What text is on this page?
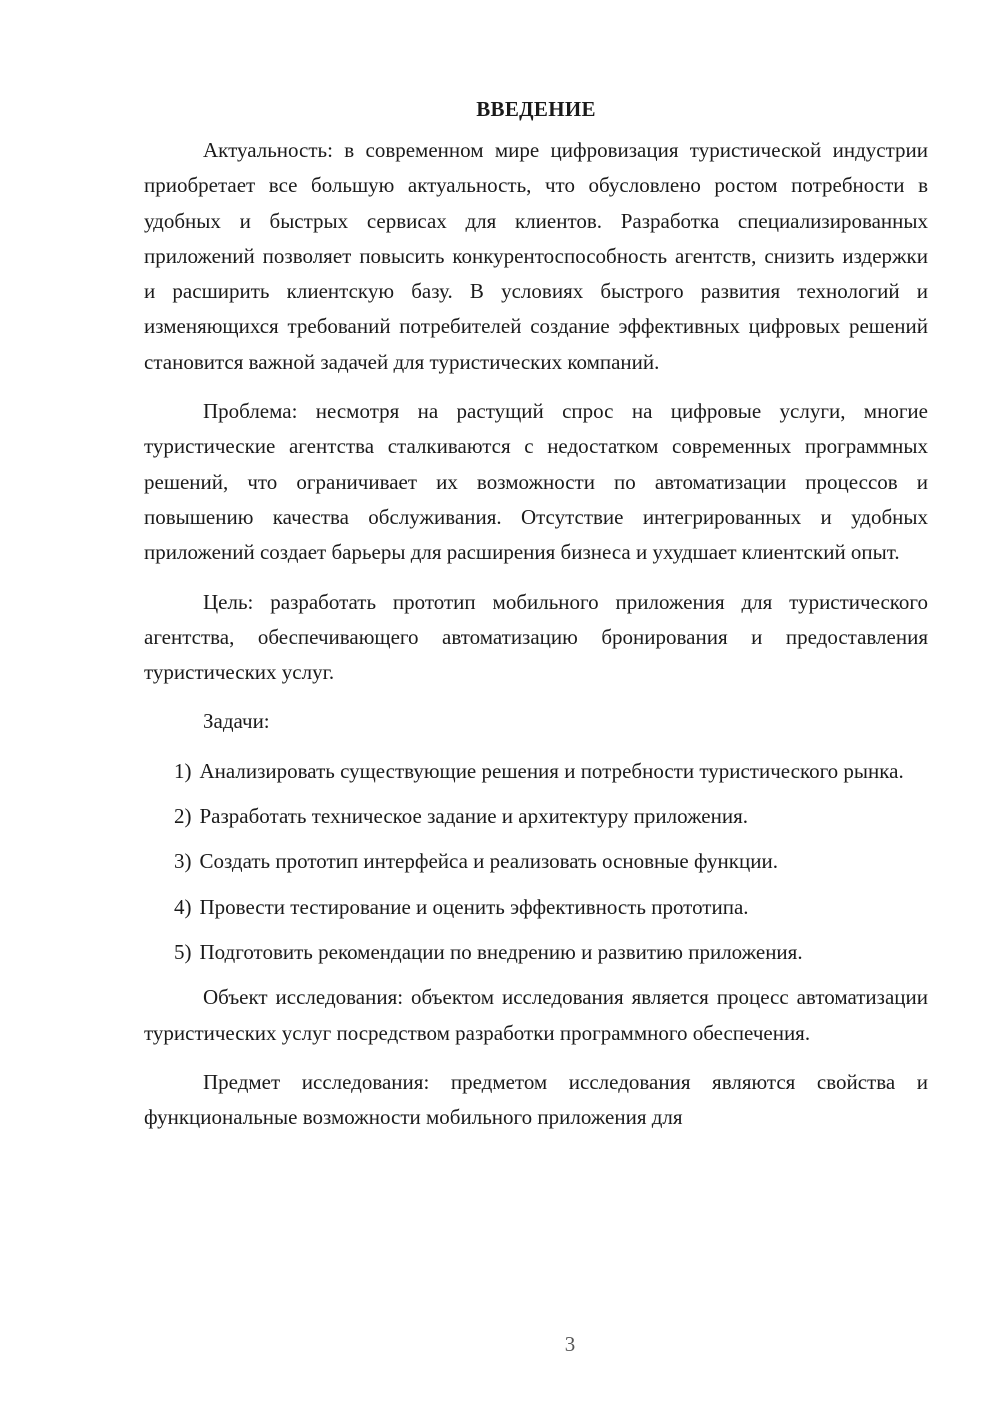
ВВЕДЕНИЕ

Актуальность: в современном мире цифровизация туристической индустрии приобретает все большую актуальность, что обусловлено ростом потребности в удобных и быстрых сервисах для клиентов. Разработка специализированных приложений позволяет повысить конкурентоспособность агентств, снизить издержки и расширить клиентскую базу. В условиях быстрого развития технологий и изменяющихся требований потребителей создание эффективных цифровых решений становится важной задачей для туристических компаний.

Проблема: несмотря на растущий спрос на цифровые услуги, многие туристические агентства сталкиваются с недостатком современных программных решений, что ограничивает их возможности по автоматизации процессов и повышению качества обслуживания. Отсутствие интегрированных и удобных приложений создает барьеры для расширения бизнеса и ухудшает клиентский опыт.

Цель: разработать прототип мобильного приложения для туристического агентства, обеспечивающего автоматизацию бронирования и предоставления туристических услуг.

Задачи:

1) Анализировать существующие решения и потребности туристического рынка.

2) Разработать техническое задание и архитектуру приложения.

3) Создать прототип интерфейса и реализовать основные функции.

4) Провести тестирование и оценить эффективность прототипа.

5) Подготовить рекомендации по внедрению и развитию приложения.

Объект исследования: объектом исследования является процесс автоматизации туристических услуг посредством разработки программного обеспечения.

Предмет исследования: предметом исследования являются свойства и функциональные возможности мобильного приложения для

3
